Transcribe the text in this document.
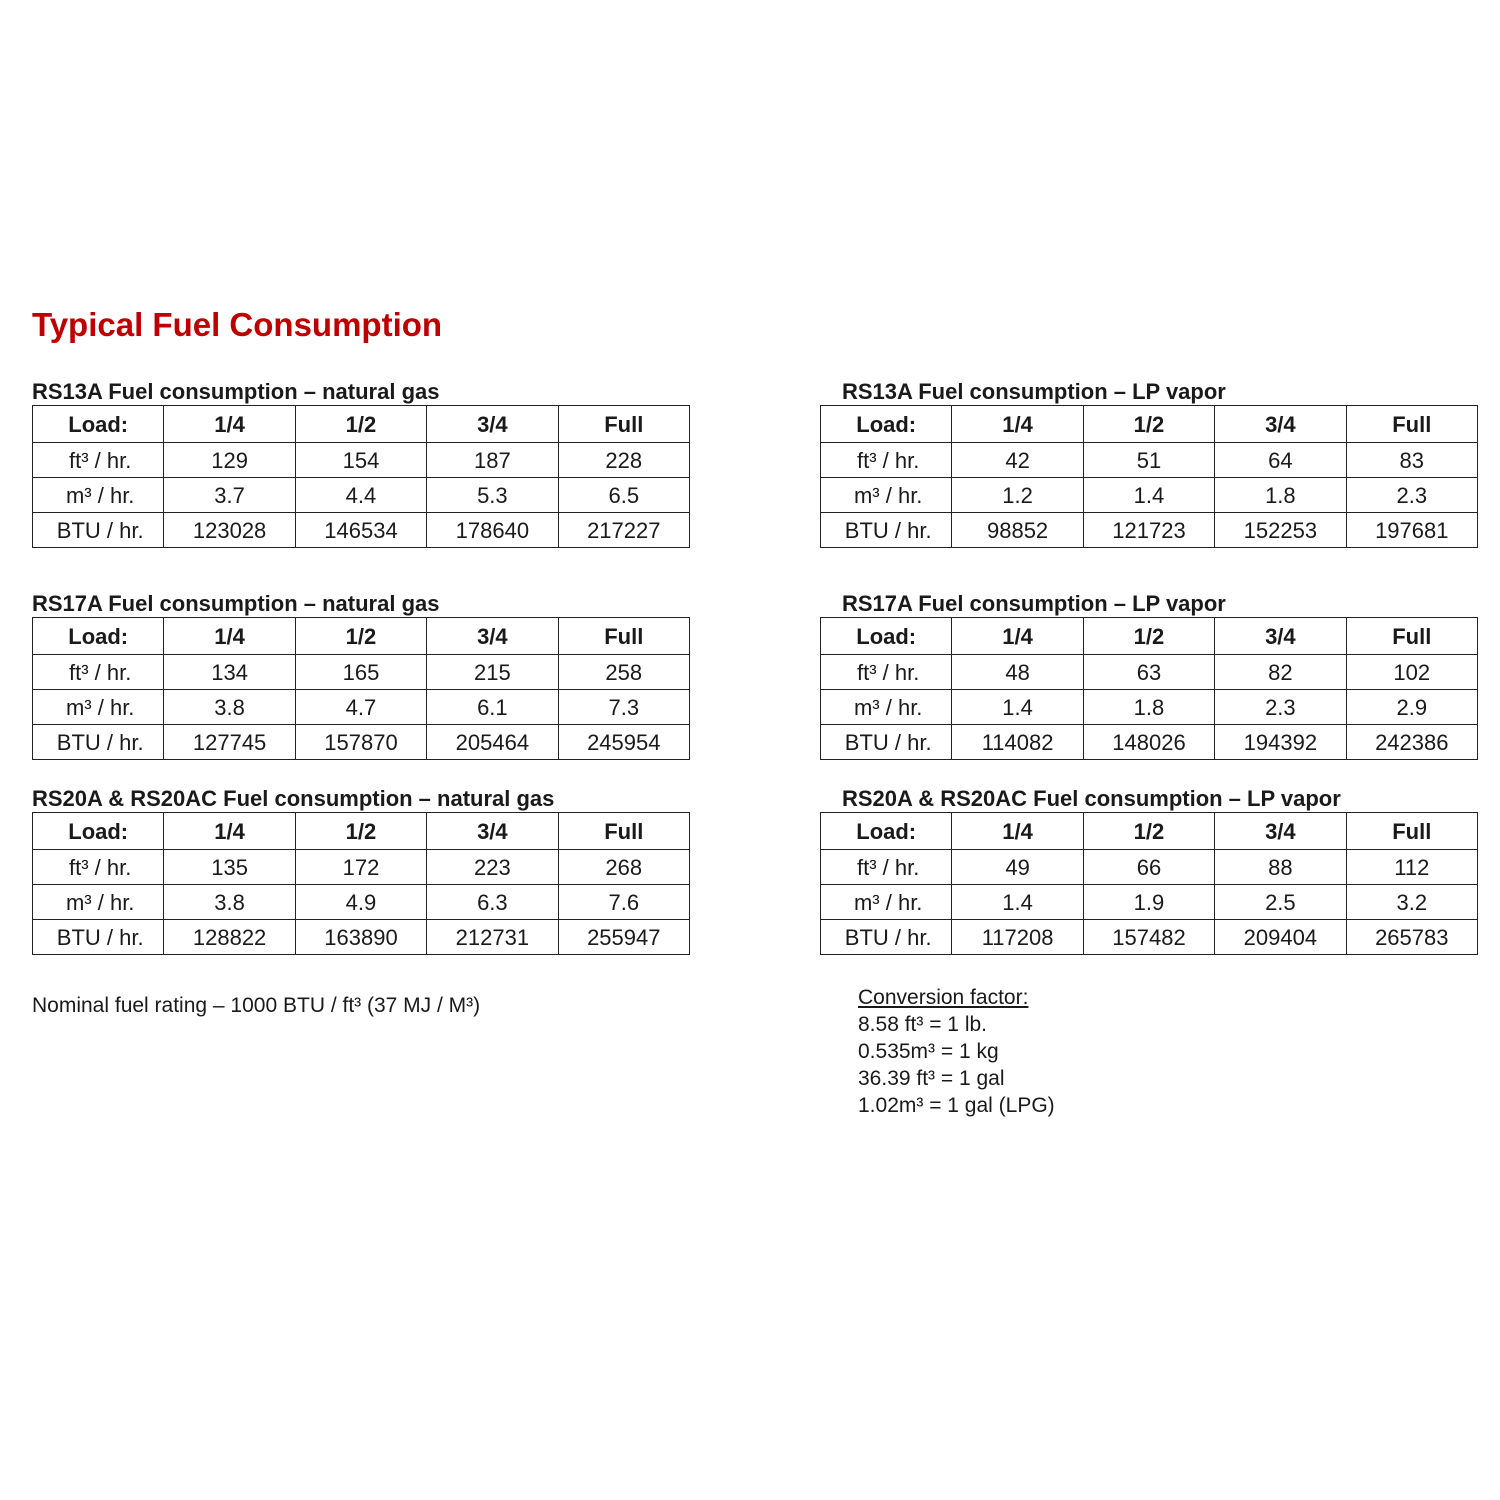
Typical Fuel Consumption
RS13A Fuel consumption – natural gas
Load:	1/4	1/2	3/4	Full
ft³ / hr.	129	154	187	228
m³ / hr.	3.7	4.4	5.3	6.5
BTU / hr.	123028	146534	178640	217227
RS13A Fuel consumption – LP vapor
Load:	1/4	1/2	3/4	Full
ft³ / hr.	42	51	64	83
m³ / hr.	1.2	1.4	1.8	2.3
BTU / hr.	98852	121723	152253	197681
RS17A Fuel consumption – natural gas
Load:	1/4	1/2	3/4	Full
ft³ / hr.	134	165	215	258
m³ / hr.	3.8	4.7	6.1	7.3
BTU / hr.	127745	157870	205464	245954
RS17A Fuel consumption – LP vapor
Load:	1/4	1/2	3/4	Full
ft³ / hr.	48	63	82	102
m³ / hr.	1.4	1.8	2.3	2.9
BTU / hr.	114082	148026	194392	242386
RS20A & RS20AC Fuel consumption – natural gas
Load:	1/4	1/2	3/4	Full
ft³ / hr.	135	172	223	268
m³ / hr.	3.8	4.9	6.3	7.6
BTU / hr.	128822	163890	212731	255947
RS20A & RS20AC Fuel consumption – LP vapor
Load:	1/4	1/2	3/4	Full
ft³ / hr.	49	66	88	112
m³ / hr.	1.4	1.9	2.5	3.2
BTU / hr.	117208	157482	209404	265783
Nominal fuel rating – 1000 BTU / ft³ (37 MJ / M³)	Conversion factor:
8.58 ft³ = 1 lb.
0.535m³ = 1 kg
36.39 ft³ = 1 gal
1.02m³ = 1 gal (LPG)
